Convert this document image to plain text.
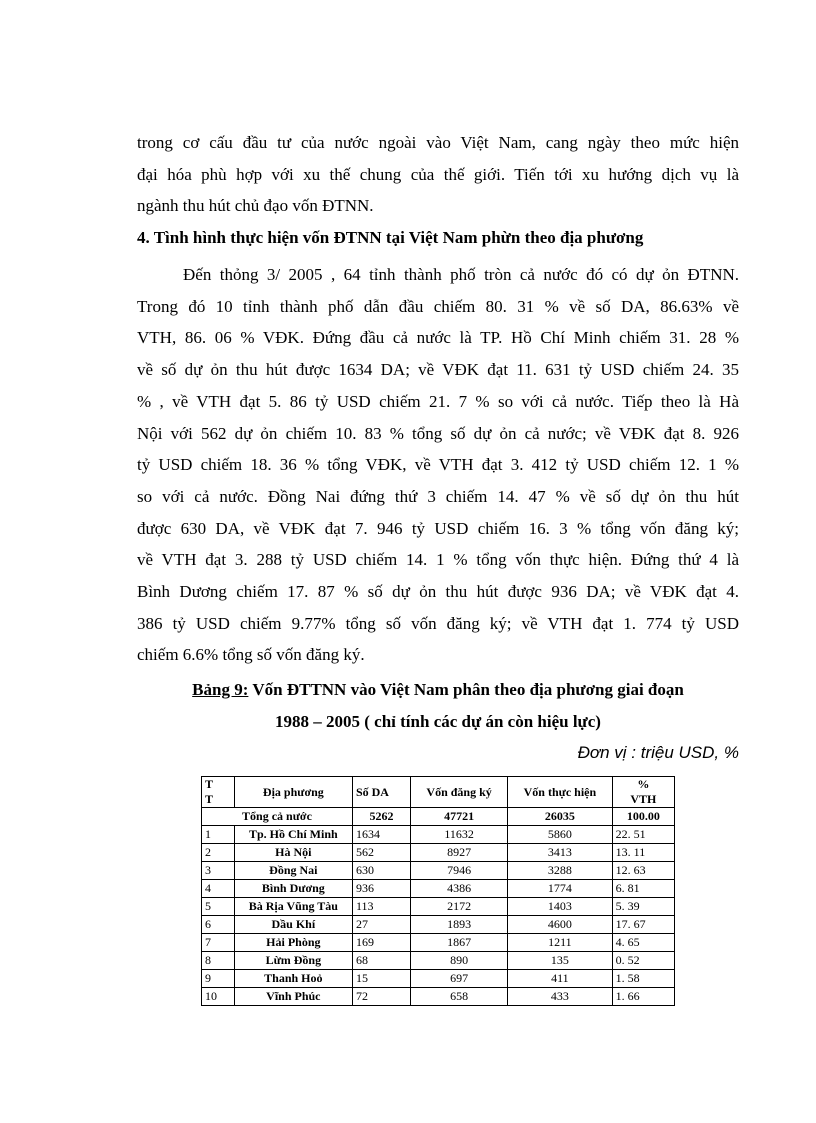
trong cơ cấu đầu tư của nước ngoài vào Việt Nam, cang ngày theo mức hiện
đại hóa phù hợp với xu thế chung của thế giới. Tiến tới xu hướng dịch vụ là
ngành thu hút chủ đạo vốn ĐTNN.

4. Tình hình thực hiện vốn ĐTNN tại Việt Nam phừn theo địa phương

Đến thỏng 3/ 2005 , 64 tỉnh thành phố tròn cả nước đó có dự ỏn ĐTNN.
Trong đó 10 tỉnh thành phố dẫn đầu chiếm 80. 31 % về số DA, 86.63% về
VTH, 86. 06 % VĐK. Đứng đầu cả nước là TP. Hồ Chí Minh chiếm 31. 28 %
về số dự ỏn thu hút được 1634 DA; về VĐK đạt 11. 631 tỷ USD chiếm 24. 35
% , về VTH đạt 5. 86 tỷ USD chiếm 21. 7 % so với cả nước. Tiếp theo là Hà
Nội với 562 dự ỏn chiếm 10. 83 % tổng số dự ỏn cả nước; về VĐK đạt 8. 926
tỷ USD chiếm 18. 36 % tổng VĐK, về VTH đạt 3. 412 tỷ USD chiếm 12. 1 %
so với cả nước. Đồng Nai đứng thứ 3 chiếm 14. 47 % về số dự ỏn thu hút
được 630 DA, về VĐK đạt 7. 946 tỷ USD chiếm 16. 3 % tổng vốn đăng ký;
về VTH đạt 3. 288 tỷ USD chiếm 14. 1 % tổng vốn thực hiện. Đứng thứ 4 là
Bình Dương chiếm 17. 87 % số dự ỏn thu hút được 936 DA; về VĐK đạt 4.
386 tỷ USD chiếm 9.77% tổng số vốn đăng ký; về VTH đạt 1. 774 tỷ USD
chiếm 6.6% tổng số vốn đăng ký.

Bảng 9: Vốn ĐTTNN vào Việt Nam phân theo địa phương giai đoạn

1988 – 2005 ( chỉ tính các dự án còn hiệu lực)

Đơn vị : triệu USD, %

T
T	Địa phương	Số DA	Vốn đăng ký	Vốn thực hiện	%
VTH
Tổng cả nước		5262	47721	26035	100.00
1	Tp. Hồ Chí Minh	1634	11632	5860	22. 51
2	Hà Nội	562	8927	3413	13. 11
3	Đồng Nai	630	7946	3288	12. 63
4	Bình Dương	936	4386	1774	6. 81
5	Bà Rịa Vũng Tàu	113	2172	1403	5. 39
6	Dầu Khí	27	1893	4600	17. 67
7	Hải Phòng	169	1867	1211	4. 65
8	Lừm Đồng	68	890	135	0. 52
9	Thanh Hoỏ	15	697	411	1. 58
10	Vĩnh Phúc	72	658	433	1. 66
